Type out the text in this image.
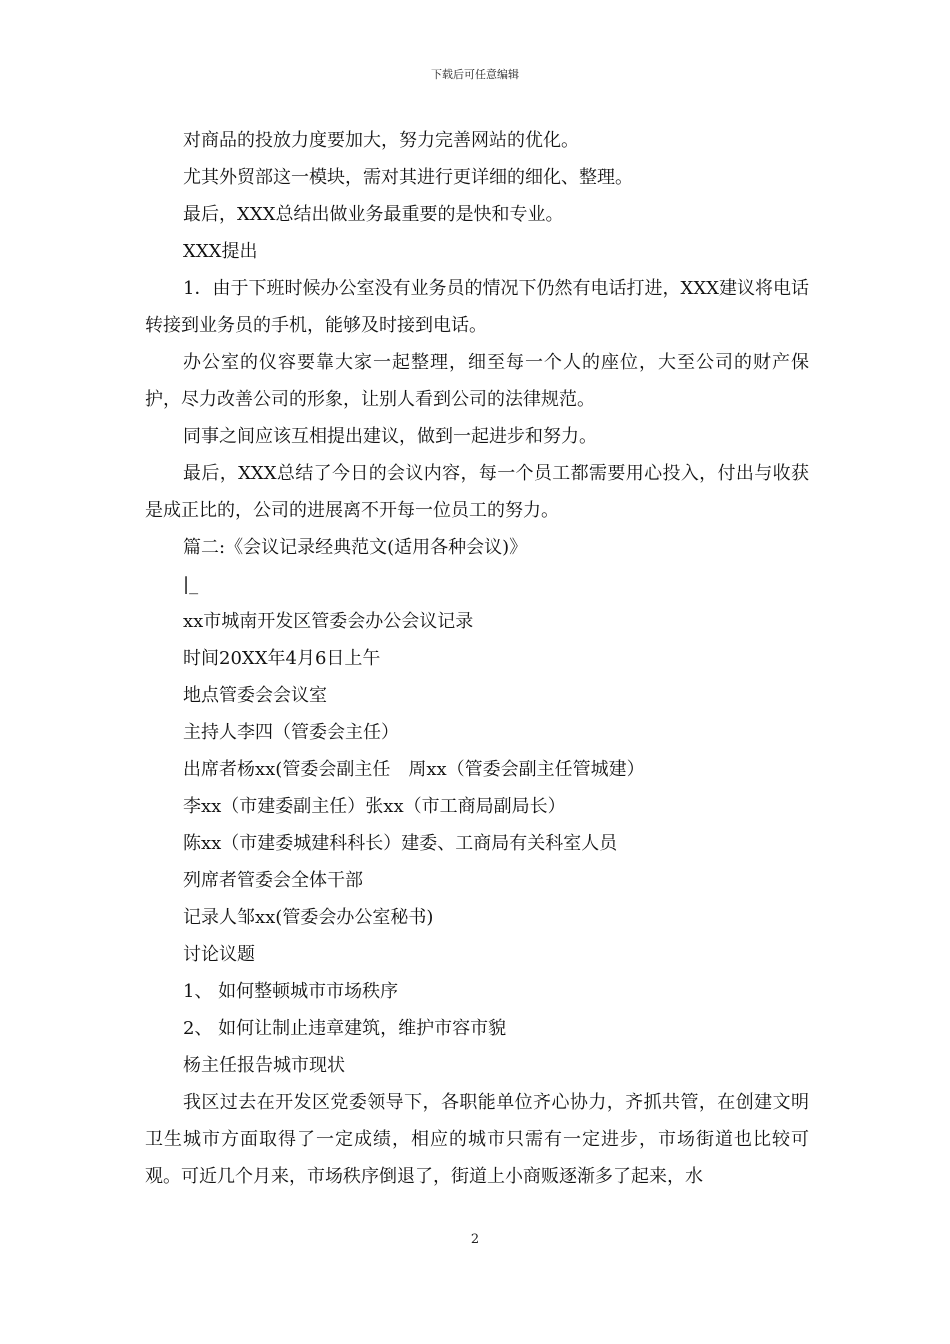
下载后可任意编辑

对商品的投放力度要加大，努力完善网站的优化。

尤其外贸部这一模块，需对其进行更详细的细化、整理。

最后，XXX总结出做业务最重要的是快和专业。

XXX提出

1．由于下班时候办公室没有业务员的情况下仍然有电话打进，XXX建议将电话转接到业务员的手机，能够及时接到电话。

办公室的仪容要靠大家一起整理，细至每一个人的座位，大至公司的财产保护，尽力改善公司的形象，让别人看到公司的法律规范。

同事之间应该互相提出建议，做到一起进步和努力。

最后，XXX总结了今日的会议内容，每一个员工都需要用心投入，付出与收获是成正比的，公司的进展离不开每一位员工的努力。

篇二:《会议记录经典范文(适用各种会议)》

|_

xx市城南开发区管委会办公会议记录

时间20XX年4月6日上午

地点管委会会议室

主持人李四（管委会主任）

出席者杨xx(管委会副主任　周xx（管委会副主任管城建）

李xx（市建委副主任）张xx（市工商局副局长）

陈xx（市建委城建科科长）建委、工商局有关科室人员

列席者管委会全体干部

记录人邹xx(管委会办公室秘书)

讨论议题

1、 如何整顿城市市场秩序

2、 如何让制止违章建筑，维护市容市貌

杨主任报告城市现状

我区过去在开发区党委领导下，各职能单位齐心协力，齐抓共管，在创建文明卫生城市方面取得了一定成绩，相应的城市只需有一定进步，市场街道也比较可观。可近几个月来，市场秩序倒退了，街道上小商贩逐渐多了起来，水

2
